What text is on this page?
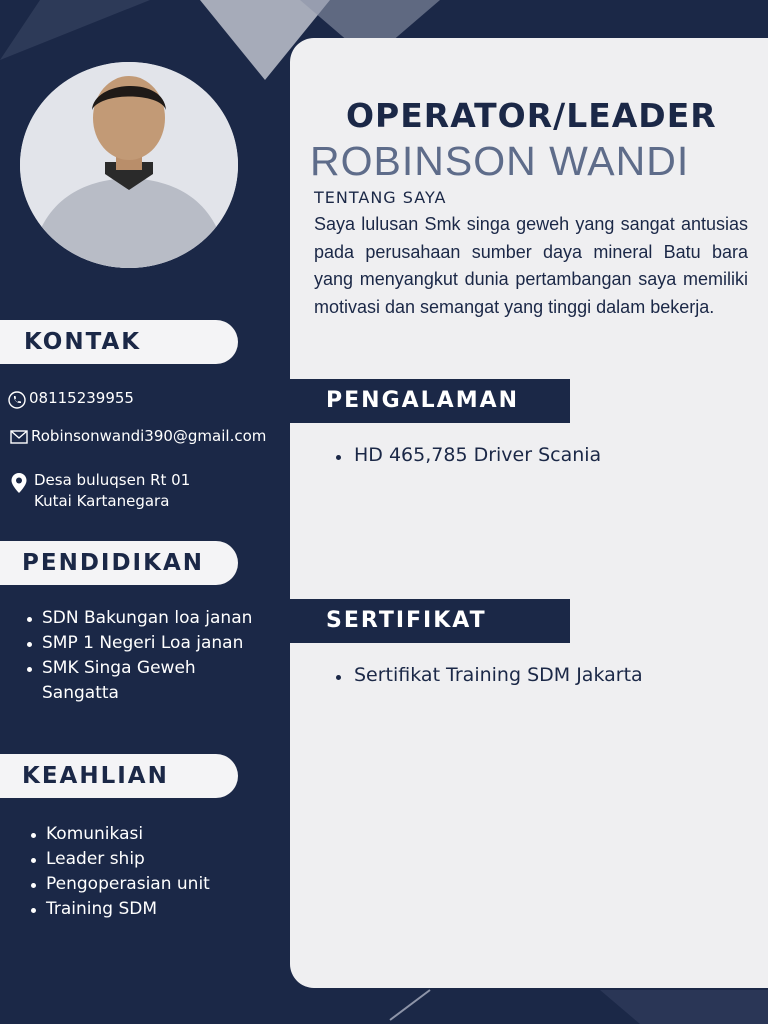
OPERATOR/LEADER
ROBINSON WANDI
TENTANG SAYA
Saya lulusan Smk singa geweh yang sangat antusias pada perusahaan sumber daya mineral Batu bara yang menyangkut dunia pertambangan saya memiliki motivasi dan semangat yang tinggi dalam bekerja.
KONTAK
08115239955
Robinsonwandi390@gmail.com
Desa buluqsen Rt 01
Kutai Kartanegara
PENDIDIKAN
SDN Bakungan loa janan
SMP 1 Negeri Loa janan
SMK Singa Geweh Sangatta
KEAHLIAN
Komunikasi
Leader ship
Pengoperasian unit
Training SDM
PENGALAMAN
HD 465,785 Driver Scania
SERTIFIKAT
Sertifikat Training SDM Jakarta
